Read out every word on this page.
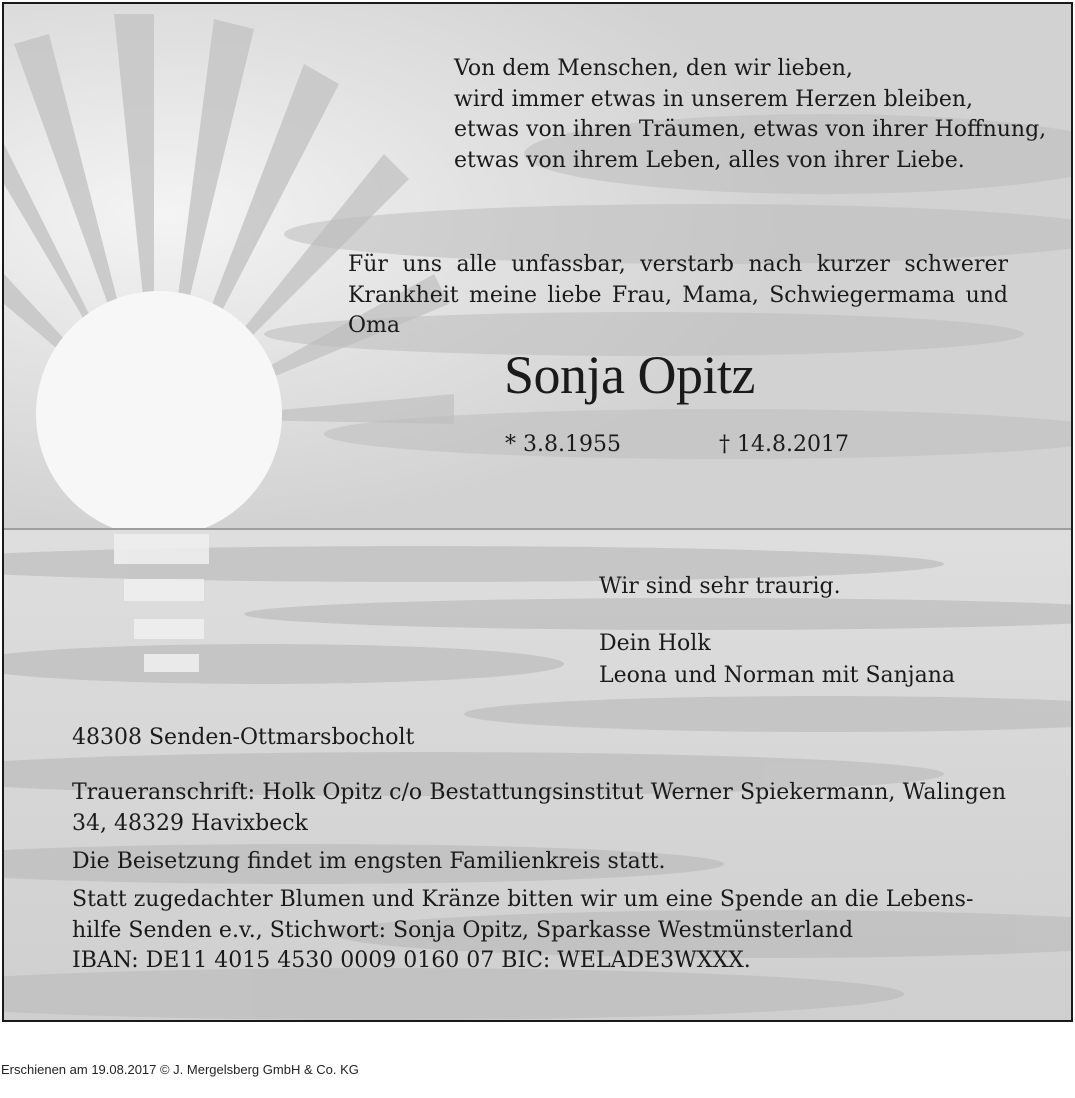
Von dem Menschen, den wir lieben,
wird immer etwas in unserem Herzen bleiben,
etwas von ihren Träumen, etwas von ihrer Hoffnung,
etwas von ihrem Leben, alles von ihrer Liebe.

Für uns alle unfassbar, verstarb nach kurzer schwerer Krankheit meine liebe Frau, Mama, Schwiegermama und Oma

Sonja Opitz

* 3.8.1955	† 14.8.2017

Wir sind sehr traurig.

Dein Holk
Leona und Norman mit Sanjana

48308 Senden-Ottmarsbocholt

Traueranschrift: Holk Opitz c/o Bestattungsinstitut Werner Spiekermann, Walingen 34, 48329 Havixbeck

Die Beisetzung findet im engsten Familienkreis statt.

Statt zugedachter Blumen und Kränze bitten wir um eine Spende an die Lebens-
hilfe Senden e.v., Stichwort: Sonja Opitz, Sparkasse Westmünsterland
IBAN: DE11 4015 4530 0009 0160 07 BIC: WELADE3WXXX.

Erschienen am 19.08.2017 © J. Mergelsberg GmbH & Co. KG
